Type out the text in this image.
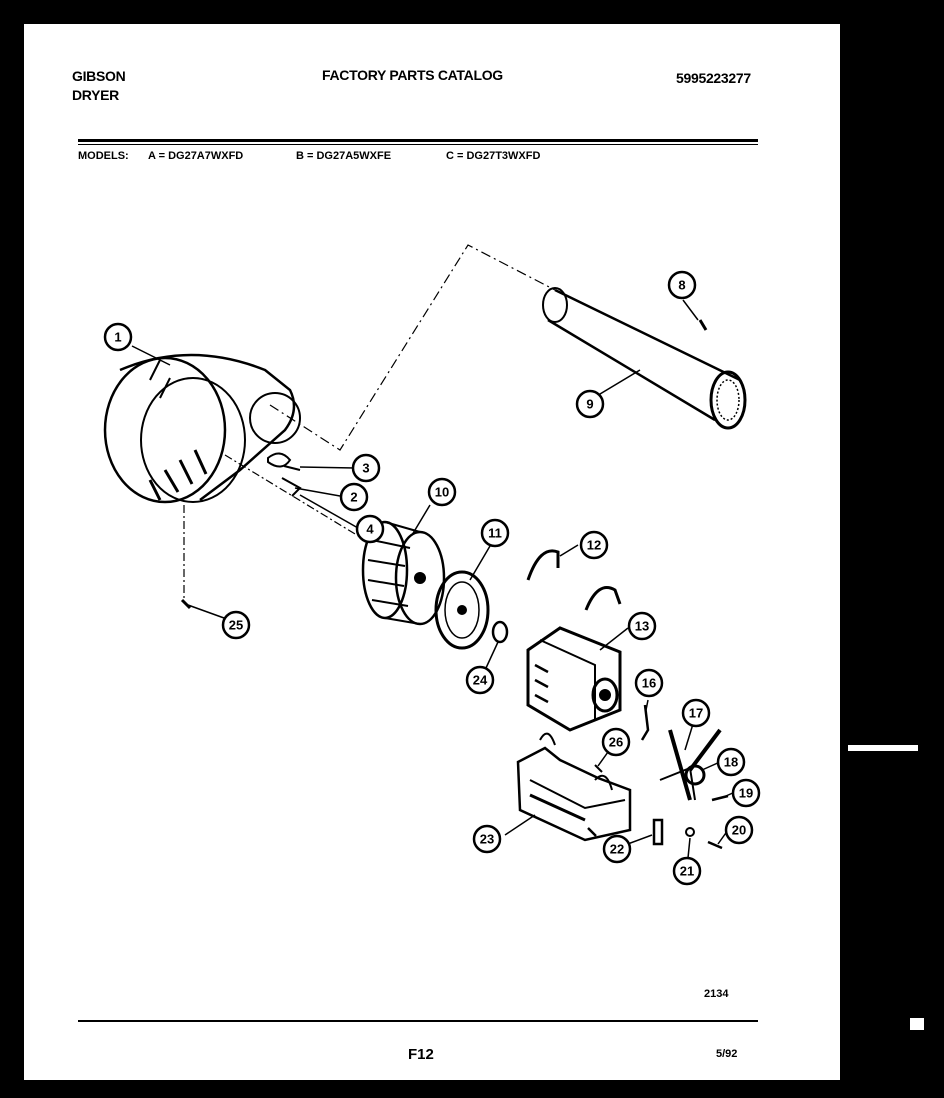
GIBSON
DRYER
FACTORY PARTS CATALOG	5995223277
MODELS: A = DG27A7WXFD	B = DG27A5WXFE	C = DG27T3WXFD
1
2
3
4
8
9
10
11
12
13
16
17
18
19
20
21
22
23
24
25
26
2134
F12	5/92
